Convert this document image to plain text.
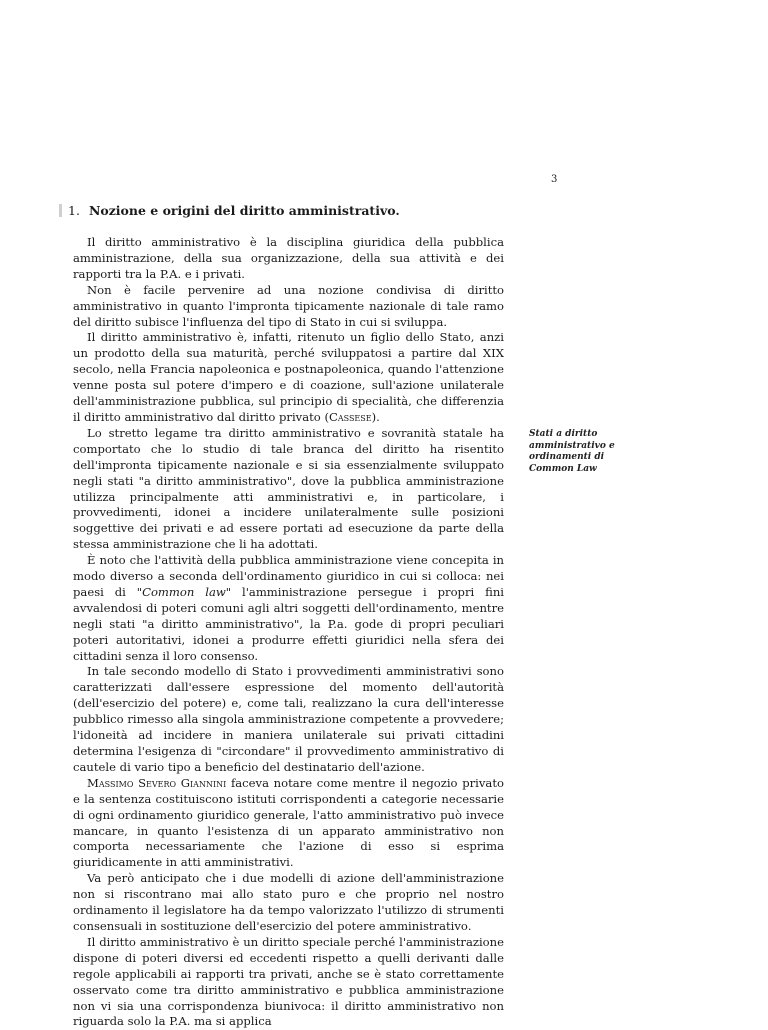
3
1. Nozione e origini del diritto amministrativo.
Stati a diritto
amministrativo e
ordinamenti di
Common Law

Il diritto amministrativo è la disciplina giuridica della pubblica amministrazione, della sua organizzazione, della sua attività e dei rapporti tra la P.A. e i privati.

Non è facile pervenire ad una nozione condivisa di diritto amministrativo in quanto l'impronta tipicamente nazionale di tale ramo del diritto subisce l'influenza del tipo di Stato in cui si sviluppa.

Il diritto amministrativo è, infatti, ritenuto un figlio dello Stato, anzi un prodotto della sua maturità, perché sviluppatosi a partire dal XIX secolo, nella Francia napoleonica e postnapoleonica, quando l'attenzione venne posta sul potere d'impero e di coazione, sull'azione unilaterale dell'amministrazione pubblica, sul principio di specialità, che differenzia il diritto amministrativo dal diritto privato (Cassese).

Lo stretto legame tra diritto amministrativo e sovranità statale ha comportato che lo studio di tale branca del diritto ha risentito dell'impronta tipicamente nazionale e si sia essenzialmente sviluppato negli stati "a diritto amministrativo", dove la pubblica amministrazione utilizza principalmente atti amministrativi e, in particolare, i provvedimenti, idonei a incidere unilateralmente sulle posizioni soggettive dei privati e ad essere portati ad esecuzione da parte della stessa amministrazione che li ha adottati.

È noto che l'attività della pubblica amministrazione viene concepita in modo diverso a seconda dell'ordinamento giuridico in cui si colloca: nei paesi di "Common law" l'amministrazione persegue i propri fini avvalendosi di poteri comuni agli altri soggetti dell'ordinamento, mentre negli stati "a diritto amministrativo", la P.a. gode di propri peculiari poteri autoritativi, idonei a produrre effetti giuridici nella sfera dei cittadini senza il loro consenso.

In tale secondo modello di Stato i provvedimenti amministrativi sono caratterizzati dall'essere espressione del momento dell'autorità (dell'esercizio del potere) e, come tali, realizzano la cura dell'interesse pubblico rimesso alla singola amministrazione competente a provvedere; l'idoneità ad incidere in maniera unilaterale sui privati cittadini determina l'esigenza di "circondare" il provvedimento amministrativo di cautele di vario tipo a beneficio del destinatario dell'azione.

Massimo Severo Giannini faceva notare come mentre il negozio privato e la sentenza costituiscono istituti corrispondenti a categorie necessarie di ogni ordinamento giuridico generale, l'atto amministrativo può invece mancare, in quanto l'esistenza di un apparato amministrativo non comporta necessariamente che l'azione di esso si esprima giuridicamente in atti amministrativi.

Va però anticipato che i due modelli di azione dell'amministrazione non si riscontrano mai allo stato puro e che proprio nel nostro ordinamento il legislatore ha da tempo valorizzato l'utilizzo di strumenti consensuali in sostituzione dell'esercizio del potere amministrativo.

Il diritto amministrativo è un diritto speciale perché l'amministrazione dispone di poteri diversi ed eccedenti rispetto a quelli derivanti dalle regole applicabili ai rapporti tra privati, anche se è stato correttamente osservato come tra diritto amministrativo e pubblica amministrazione non vi sia una corrispondenza biunivoca: il diritto amministrativo non riguarda solo la P.A. ma si applica
